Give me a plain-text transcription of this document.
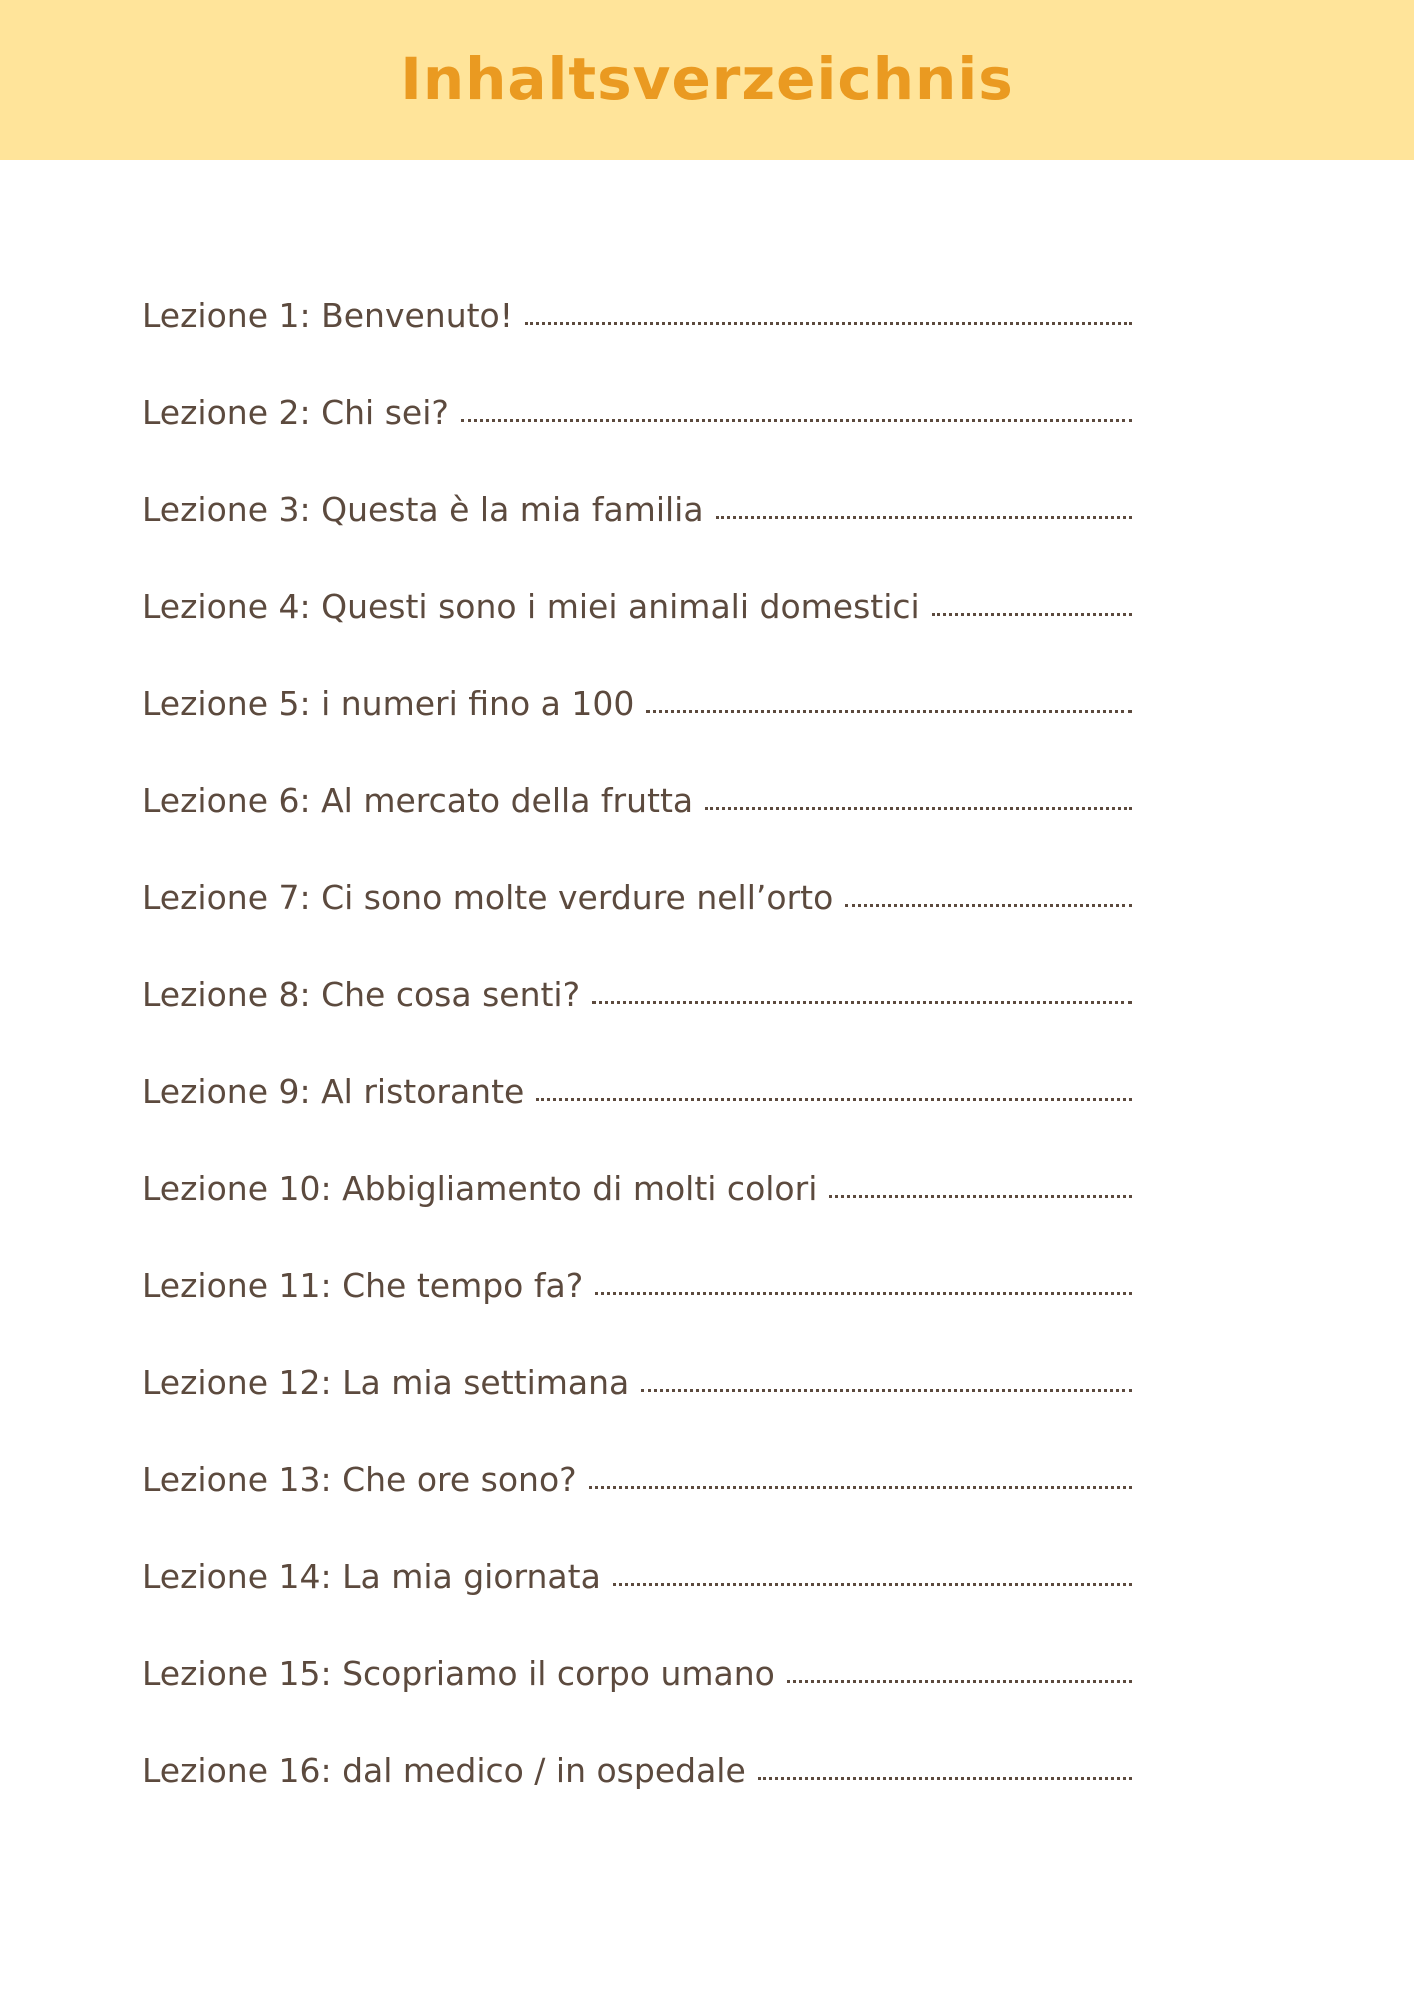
Inhaltsverzeichnis
Lezione 1: Benvenuto!
Lezione 2: Chi sei?
Lezione 3: Questa è la mia familia
Lezione 4: Questi sono i miei animali domestici
Lezione 5: i numeri fino a 100
Lezione 6: Al mercato della frutta
Lezione 7: Ci sono molte verdure nell’orto
Lezione 8: Che cosa senti?
Lezione 9: Al ristorante
Lezione 10: Abbigliamento di molti colori
Lezione 11: Che tempo fa?
Lezione 12: La mia settimana
Lezione 13: Che ore sono?
Lezione 14: La mia giornata
Lezione 15: Scopriamo il corpo umano
Lezione 16: dal medico / in ospedale
